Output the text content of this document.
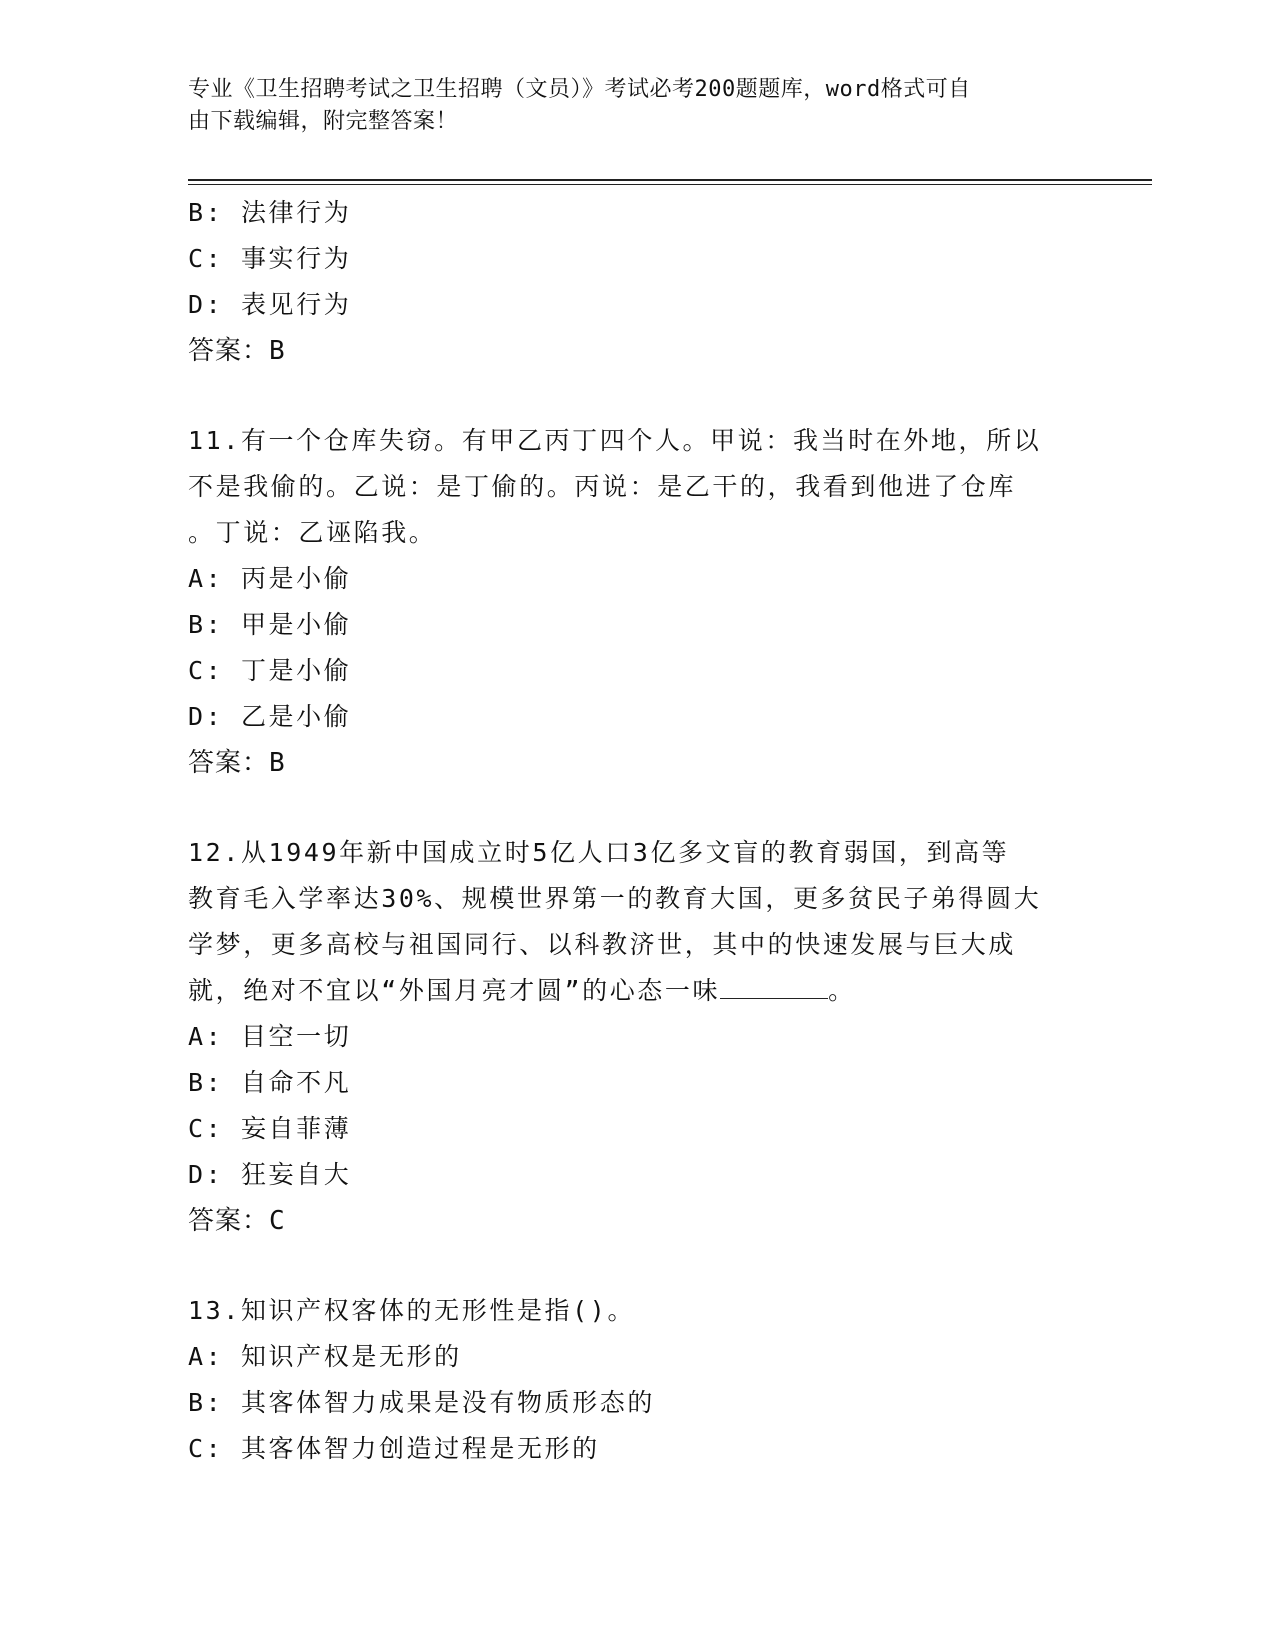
专业《卫生招聘考试之卫生招聘（文员）》考试必考200题题库，word格式可自
由下载编辑，附完整答案！
B: 法律行为
C: 事实行为
D: 表见行为
答案：B
11.有一个仓库失窃。有甲乙丙丁四个人。甲说：我当时在外地，所以
不是我偷的。乙说：是丁偷的。丙说：是乙干的，我看到他进了仓库
。丁说：乙诬陷我。
A: 丙是小偷
B: 甲是小偷
C: 丁是小偷
D: 乙是小偷
答案：B
12.从1949年新中国成立时5亿人口3亿多文盲的教育弱国，到高等
教育毛入学率达30%、规模世界第一的教育大国，更多贫民子弟得圆大
学梦，更多高校与祖国同行、以科教济世，其中的快速发展与巨大成
就，绝对不宜以“外国月亮才圆”的心态一味	。
A: 目空一切
B: 自命不凡
C: 妄自菲薄
D: 狂妄自大
答案：C
13.知识产权客体的无形性是指()。
A: 知识产权是无形的
B: 其客体智力成果是没有物质形态的
C: 其客体智力创造过程是无形的
